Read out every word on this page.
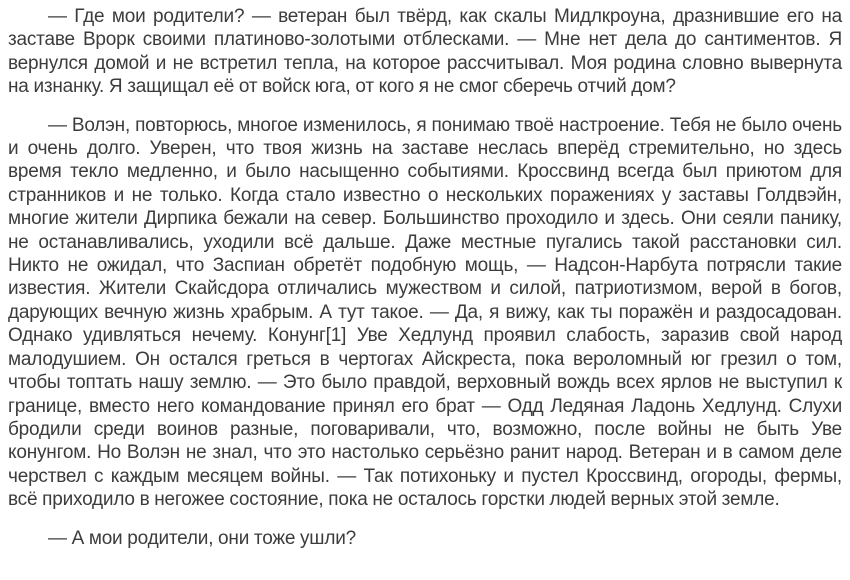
— Где мои родители? — ветеран был твёрд, как скалы Мидлкроуна, дразнившие его на заставе Врорк своими платиново-золотыми отблесками. — Мне нет дела до сантиментов. Я вернулся домой и не встретил тепла, на которое рассчитывал. Моя родина словно вывернута на изнанку. Я защищал её от войск юга, от кого я не смог сберечь отчий дом?

— Волэн, повторюсь, многое изменилось, я понимаю твоё настроение. Тебя не было очень и очень долго. Уверен, что твоя жизнь на заставе неслась вперёд стремительно, но здесь время текло медленно, и было насыщенно событиями. Кроссвинд всегда был приютом для странников и не только. Когда стало известно о нескольких поражениях у заставы Голдвэйн, многие жители Дирпика бежали на север. Большинство проходило и здесь. Они сеяли панику, не останавливались, уходили всё дальше. Даже местные пугались такой расстановки сил. Никто не ожидал, что Заспиан обретёт подобную мощь, — Надсон-Нарбута потрясли такие известия. Жители Скайсдора отличались мужеством и силой, патриотизмом, верой в богов, дарующих вечную жизнь храбрым. А тут такое. — Да, я вижу, как ты поражён и раздосадован. Однако удивляться нечему. Конунг[1] Уве Хедлунд проявил слабость, заразив свой народ малодушием. Он остался греться в чертогах Айскреста, пока вероломный юг грезил о том, чтобы топтать нашу землю. — Это было правдой, верховный вождь всех ярлов не выступил к границе, вместо него командование принял его брат — Одд Ледяная Ладонь Хедлунд. Слухи бродили среди воинов разные, поговаривали, что, возможно, после войны не быть Уве конунгом. Но Волэн не знал, что это настолько серьёзно ранит народ. Ветеран и в самом деле черствел с каждым месяцем войны. — Так потихоньку и пустел Кроссвинд, огороды, фермы, всё приходило в негожее состояние, пока не осталось горстки людей верных этой земле.

— А мои родители, они тоже ушли?
